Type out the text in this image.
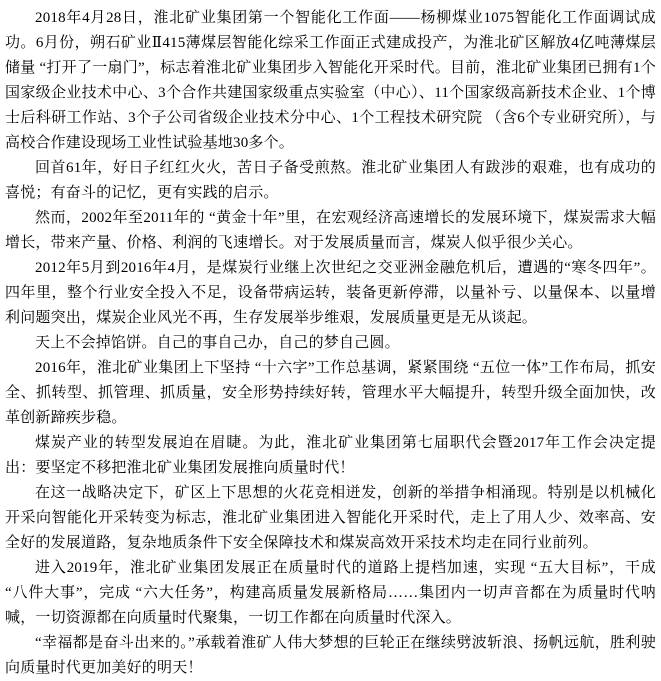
2018年4月28日，淮北矿业集团第一个智能化工作面——杨柳煤业1075智能化工作面调试成功。6月份，朔石矿业Ⅱ415薄煤层智能化综采工作面正式建成投产，为淮北矿区解放4亿吨薄煤层储量 “打开了一扇门”，标志着淮北矿业集团步入智能化开采时代。目前，淮北矿业集团已拥有1个国家级企业技术中心、3个合作共建国家级重点实验室（中心）、11个国家级高新技术企业、1个博士后科研工作站、3个子公司省级企业技术分中心、1个工程技术研究院 （含6个专业研究所），与高校合作建设现场工业性试验基地30多个。

回首61年，好日子红红火火，苦日子备受煎熬。淮北矿业集团人有跋涉的艰难，也有成功的喜悦；有奋斗的记忆，更有实践的启示。

然而，2002年至2011年的 “黄金十年”里，在宏观经济高速增长的发展环境下，煤炭需求大幅增长，带来产量、价格、利润的飞速增长。对于发展质量而言，煤炭人似乎很少关心。

2012年5月到2016年4月，是煤炭行业继上次世纪之交亚洲金融危机后，遭遇的“寒冬四年”。四年里，整个行业安全投入不足，设备带病运转，装备更新停滞，以量补亏、以量保本、以量增利问题突出，煤炭企业风光不再，生存发展举步维艰，发展质量更是无从谈起。

天上不会掉馅饼。自己的事自己办，自己的梦自己圆。

2016年，淮北矿业集团上下坚持 “十六字”工作总基调，紧紧围绕 “五位一体”工作布局，抓安全、抓转型、抓管理、抓质量，安全形势持续好转，管理水平大幅提升，转型升级全面加快，改革创新蹄疾步稳。

煤炭产业的转型发展迫在眉睫。为此，淮北矿业集团第七届职代会暨2017年工作会决定提出：要坚定不移把淮北矿业集团发展推向质量时代！

在这一战略决定下，矿区上下思想的火花竞相迸发，创新的举措争相涌现。特别是以机械化开采向智能化开采转变为标志，淮北矿业集团进入智能化开采时代，走上了用人少、效率高、安全好的发展道路，复杂地质条件下安全保障技术和煤炭高效开采技术均走在同行业前列。

进入2019年，淮北矿业集团发展正在质量时代的道路上提档加速，实现 “五大目标”，干成 “八件大事”，完成 “六大任务”，构建高质量发展新格局……集团内一切声音都在为质量时代呐喊，一切资源都在向质量时代聚集，一切工作都在向质量时代深入。

“幸福都是奋斗出来的。”承载着淮矿人伟大梦想的巨轮正在继续劈波斩浪、扬帆远航，胜利驶向质量时代更加美好的明天！
